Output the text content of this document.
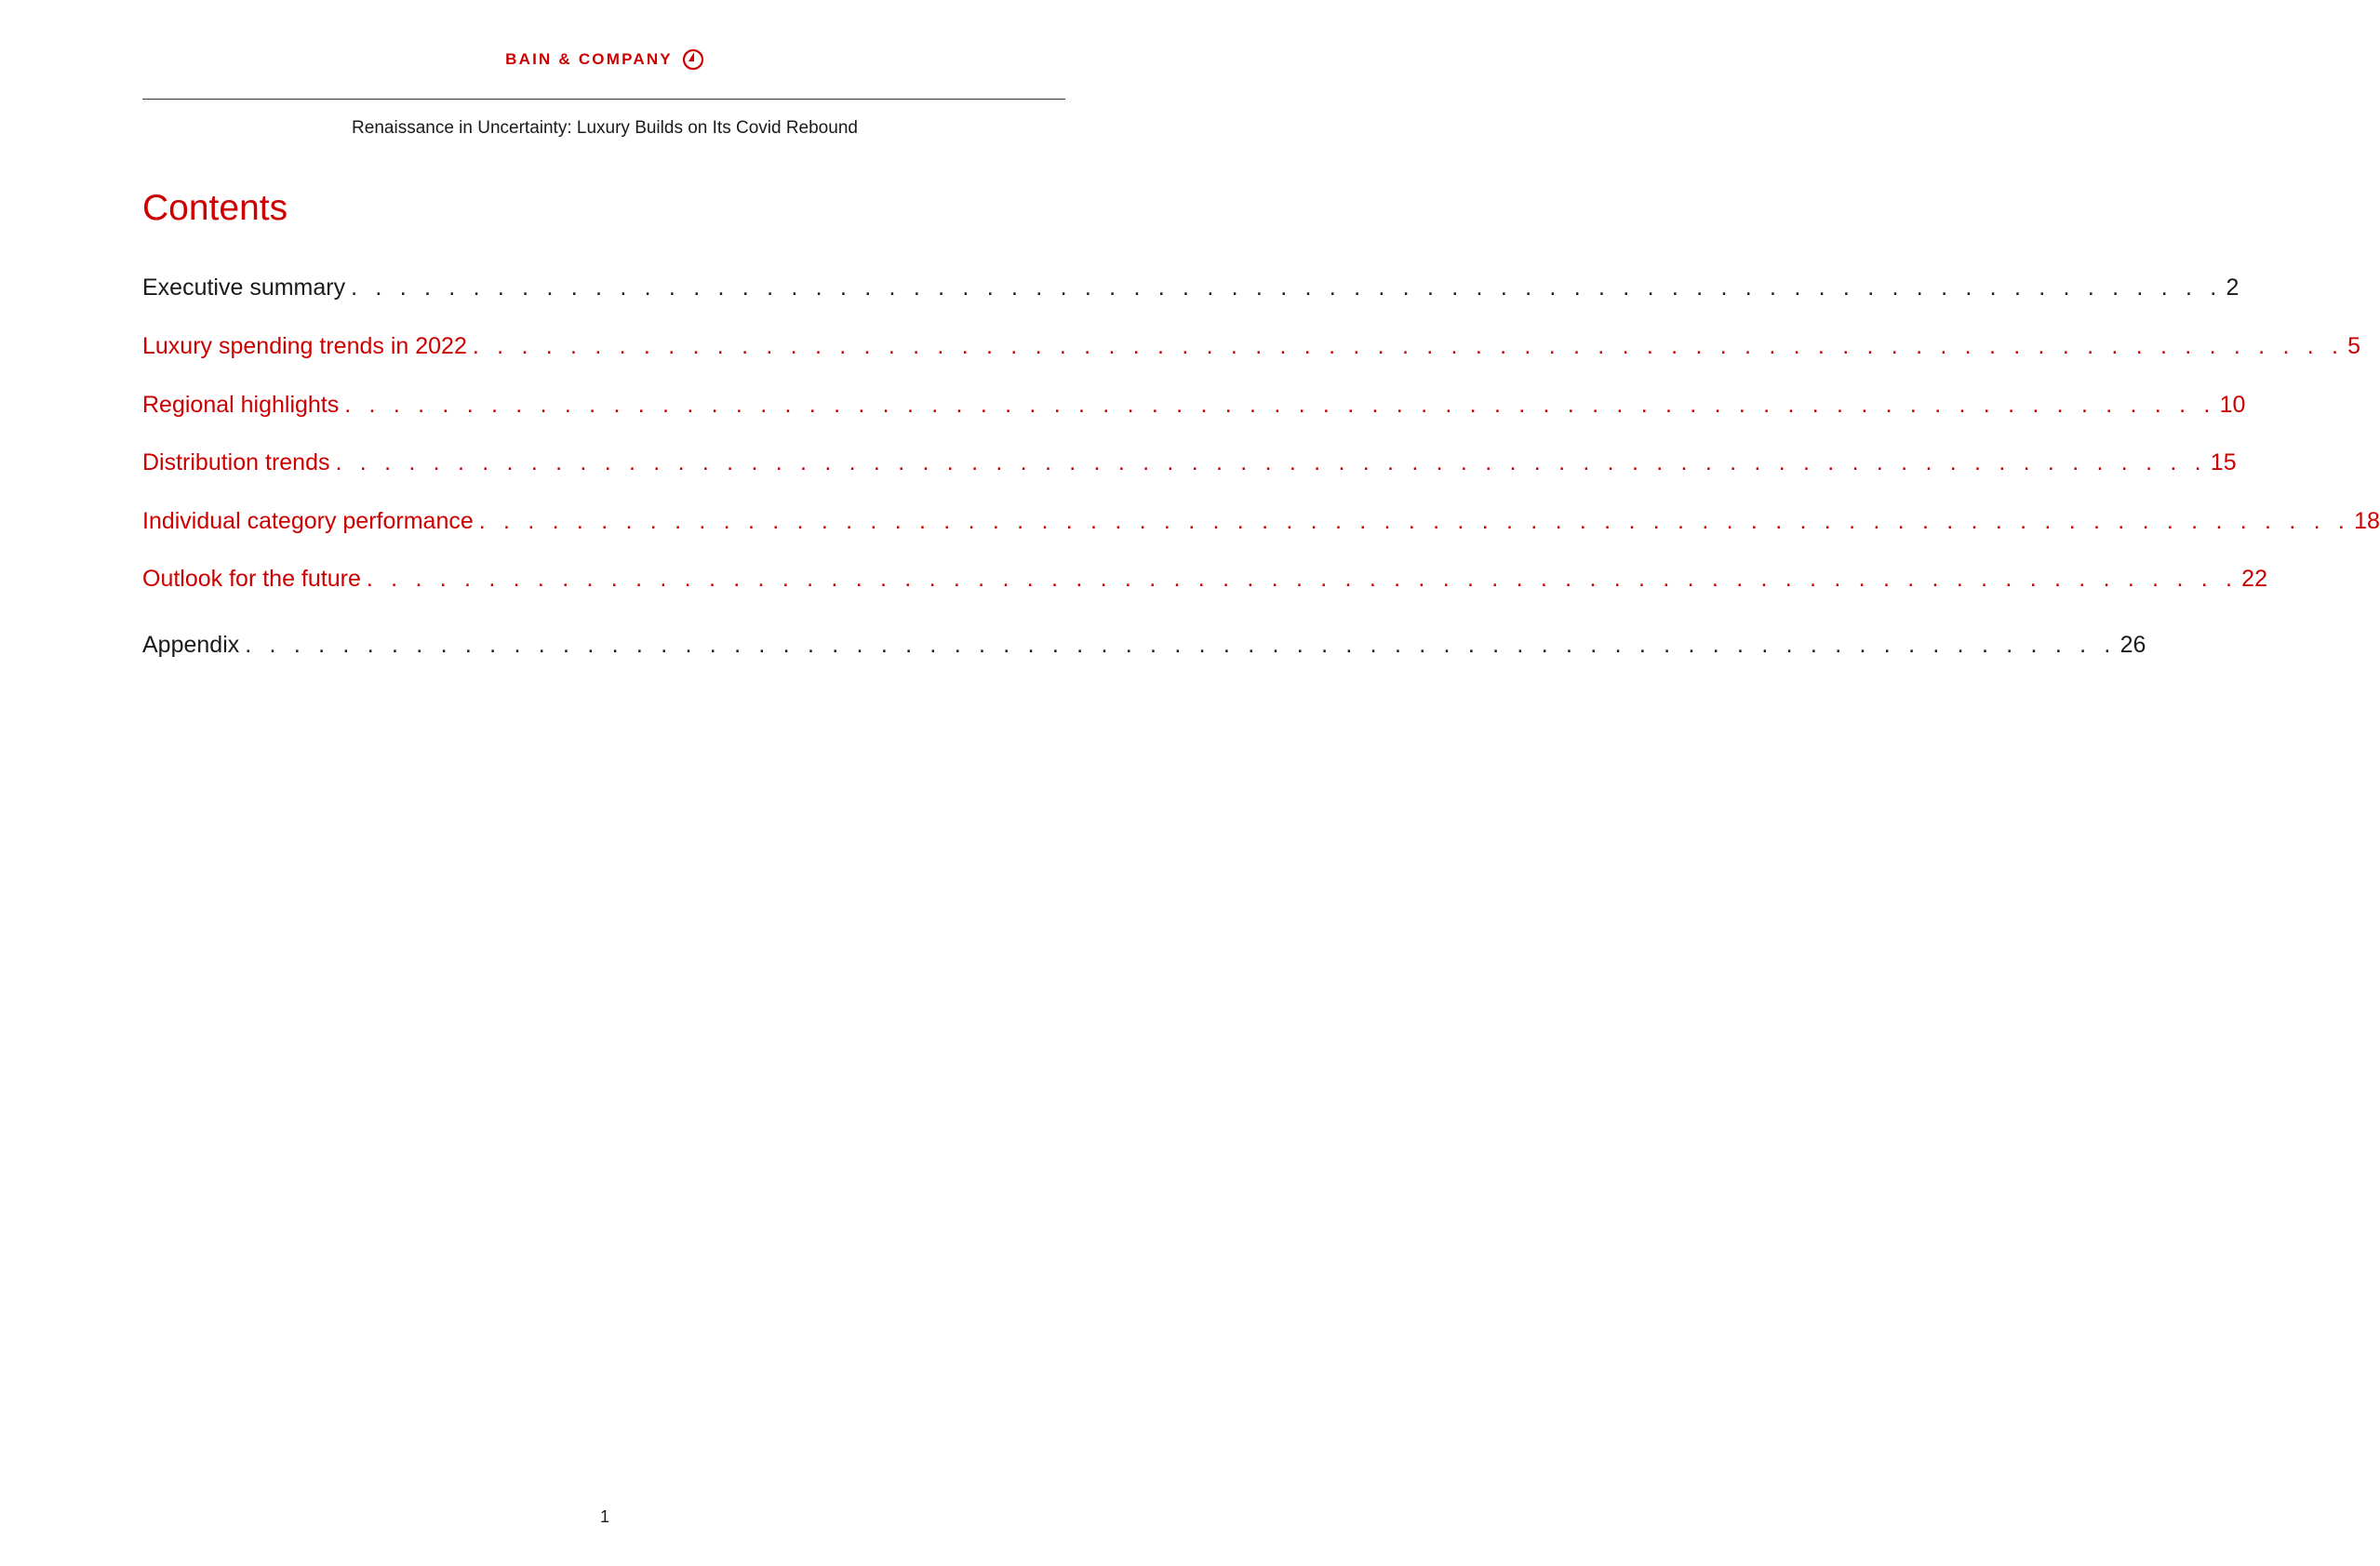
BAIN & COMPANY
Renaissance in Uncertainty: Luxury Builds on Its Covid Rebound
Contents
Executive summary . . . . . . . . . . . . . . . . . . . . . . . . . . . . . . . . . . . . . . . . . . . . . . . . . . . . . . . . . . . . . . . . . . . . . . . . . . . . . 2
Luxury spending trends in 2022 . . . . . . . . . . . . . . . . . . . . . . . . . . . . . . . . . . . . . . . . . . . . . . . . . . . . . . . . . . . . . . . . . . . . . . . . . . . . . 5
Regional highlights . . . . . . . . . . . . . . . . . . . . . . . . . . . . . . . . . . . . . . . . . . . . . . . . . . . . . . . . . . . . . . . . . . . . . . . . . . . . . 10
Distribution trends . . . . . . . . . . . . . . . . . . . . . . . . . . . . . . . . . . . . . . . . . . . . . . . . . . . . . . . . . . . . . . . . . . . . . . . . . . . . . 15
Individual category performance . . . . . . . . . . . . . . . . . . . . . . . . . . . . . . . . . . . . . . . . . . . . . . . . . . . . . . . . . . . . . . . . . . . . . . . . . . . . . 18
Outlook for the future . . . . . . . . . . . . . . . . . . . . . . . . . . . . . . . . . . . . . . . . . . . . . . . . . . . . . . . . . . . . . . . . . . . . . . . . . . . . . 22
Appendix . . . . . . . . . . . . . . . . . . . . . . . . . . . . . . . . . . . . . . . . . . . . . . . . . . . . . . . . . . . . . . . . . . . . . . . . . . . . . 26
1
